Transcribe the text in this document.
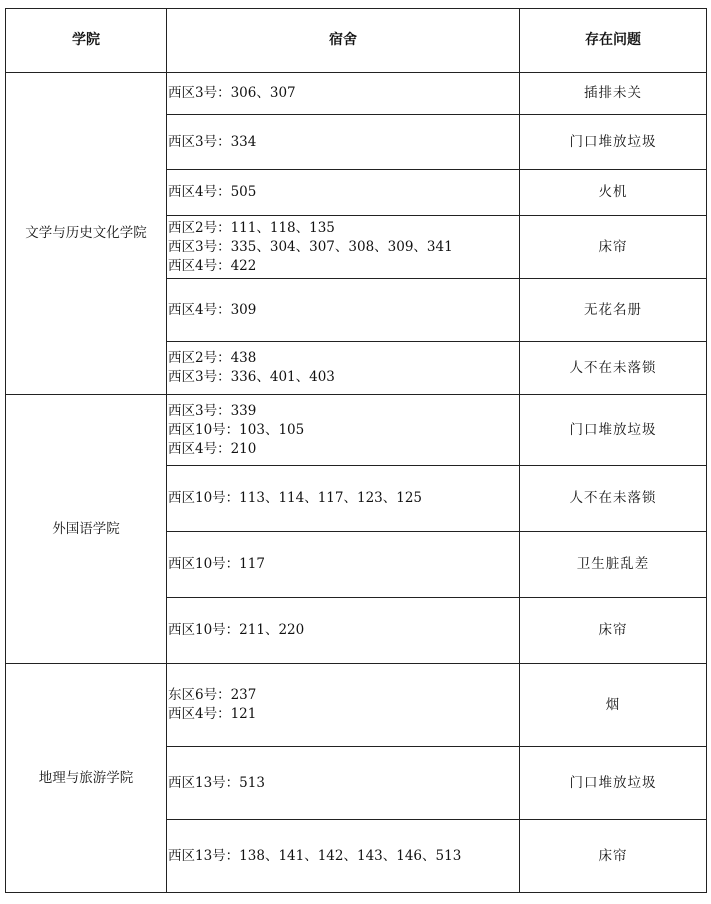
学院	宿舍	存在问题
文学与历史文化学院	西区3号：306、307	插排未关

	西区3号：334	门口堆放垃圾

	西区4号：505	火机

	西区2号：111、118、135
西区3号：335、304、307、308、309、341
西区4号：422	床帘

	西区4号：309	无花名册

	西区2号：438
西区3号：336、401、403	人不在未落锁
外国语学院	西区3号：339
西区10号：103、105
西区4号：210	门口堆放垃圾

	西区10号：113、114、117、123、125	人不在未落锁

	西区10号：117	卫生脏乱差

	西区10号：211、220	床帘
地理与旅游学院	东区6号：237
西区4号：121	烟

	西区13号：513	门口堆放垃圾

	西区13号：138、141、142、143、146、513	床帘
